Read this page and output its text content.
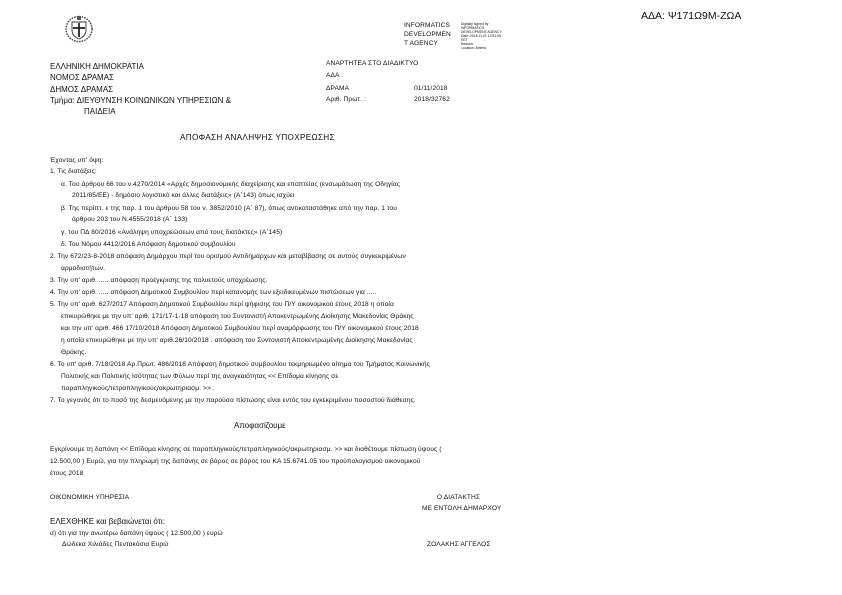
ΑΔΑ: Ψ171Ω9Μ-ΖΩΑ
INFORMATICS
DEVELOPMEN
T AGENCY
Digitally signed by
INFORMATICS
DEVELOPMENT AGENCY
Date: 2018.11.01 12:51:05
EET
Reason:
Location: Athens
ΕΛΛΗΝΙΚΗ ΔΗΜΟΚΡΑΤΙΑ
ΝΟΜΟΣ ΔΡΑΜΑΣ
ΔΗΜΟΣ ΔΡΑΜΑΣ
Τμήμα: ΔΙΕΥΘΥΝΣΗ ΚΟΙΝΩΝΙΚΩΝ ΥΠΗΡΕΣΙΩΝ &
ΠΑΙΔΕΙΑ
ΑΝΑΡΤΗΤΕΑ ΣΤΟ ΔΙΑΔΙΚΤΥΟ
ΑΔΑ :
ΔΡΑΜΑ	01/11/2018
Αριθ. Πρωτ. :	2018/32762
ΑΠΟΦΑΣΗ ΑΝΑΛΗΨΗΣ ΥΠΟΧΡΕΩΣΗΣ
Έχοντας υπ' όψη:
1. Τις διατάξεις:
α. Του άρθρου 66 του ν.4270/2014 «Αρχές δημοσιονομικής διαχείρισης και εποπτείας (ενσωμάτωση της Οδηγίας
2011/85/ΕΕ) - δημόσιο λογιστικό και άλλες διατάξεις» (Α΄143) όπως ισχύει
β. Της περίπτ. ε της παρ. 1 του άρθρου 58 του ν. 3852/2010 (Α΄ 87), όπως αντικαταστάθηκε από την παρ. 1 του
άρθρου 203 του Ν.4555/2018 (Α΄ 133)
γ. του ΠΔ 80/2016 «Ανάληψη υποχρεώσεων από τους διατάκτες» (Α΄145)
δ. Του Νόμου 4412/2016 Απόφαση δημοτικού συμβουλίου
2. Την 672/23-8-2018 απόφαση Δημάρχου περί του ορισμού Αντιδημάρχων και μεταβίβασης σε αυτούς συγκεκριμένων
αρμοδιοτήτων.
3. Την υπ' αριθ. ..... απόφαση προέγκρισης της πολυετούς υποχρέωσης.
4. Την υπ' αριθ. ..... απόφαση Δημοτικού Συμβουλίου περί κατανομής των εξειδικευμένων πιστώσεων για .....
5. Την υπ' αριθ. 627/2017 Απόφαση Δημοτικού Συμβουλίου περί ψήφισης του Π/Υ οικονομικού έτους 2018 η οποία
επικυρώθηκε με την υπ' αριθ. 171/17-1-18 απόφαση του Συντονιστή Αποκεντρωμένης Διοίκησης Μακεδονίας Θράκης
και την υπ' αριθ. 466 17/10/2018 Απόφαση Δημοτικού Συμβουλίου περί αναμόρφωσης του Π/Υ οικονομικού έτους 2018
η οποία επικυρώθηκε με την υπ' αριθ.26/10/2018 . απόφαση του Συντονιστή Αποκεντρωμένης Διοίκησης Μακεδονίας
Θράκης.
6. Το υπ' αριθ. 7/18/2018 Αρ.Πρωτ. 486/2018 Απόφαση δημοτικού συμβουλίου τεκμηριωμένο αίτημα του Τμήματος Κοινωνικής
Πολιτικής και Πολιτικής Ισότητας των Φύλων περί της αναγκαιότητας << Επίδομα κίνησης σε
παραπληγικούς/τετραπληγικούς/ακρωτηριασμ. >> .
7. Το γεγονός ότι το ποσό της δεσμευόμενης με την παρούσα πίστωσης είναι εντός του εγκεκριμένου ποσοστού διάθεσης.
Αποφασίζουμε
Εγκρίνουμε τη δαπάνη << Επίδομα κίνησης σε παραπληγικούς/τετραπληγικούς/ακρωτηριασμ. >> και διαθέτουμε πίστωση ύψους (
12.500,00 ) Ευρώ, για την πληρωμή της δαπάνης σε βάρος σε βάρος του ΚΑ 15.6741.05 του προϋπολογισμού οικονομικού
έτους 2018
ΟΙΚΟΝΟΜΙΚΗ ΥΠΗΡΕΣΙΑ	Ο ΔΙΑΤΑΚΤΗΣ
ΜΕ ΕΝΤΟΛΗ ΔΗΜΑΡΧΟΥ
ΕΛΕΧΘΗΚΕ και βεβαιώνεται ότι:
α) ότι για την ανωτέρω δαπάνη ύψους ( 12.500,00 ) ευρώ
Δώδεκα Χιλιάδες Πεντακόσια Ευρώ	ΖΟΛΑΚΗΣ ΑΓΓΕΛΟΣ
